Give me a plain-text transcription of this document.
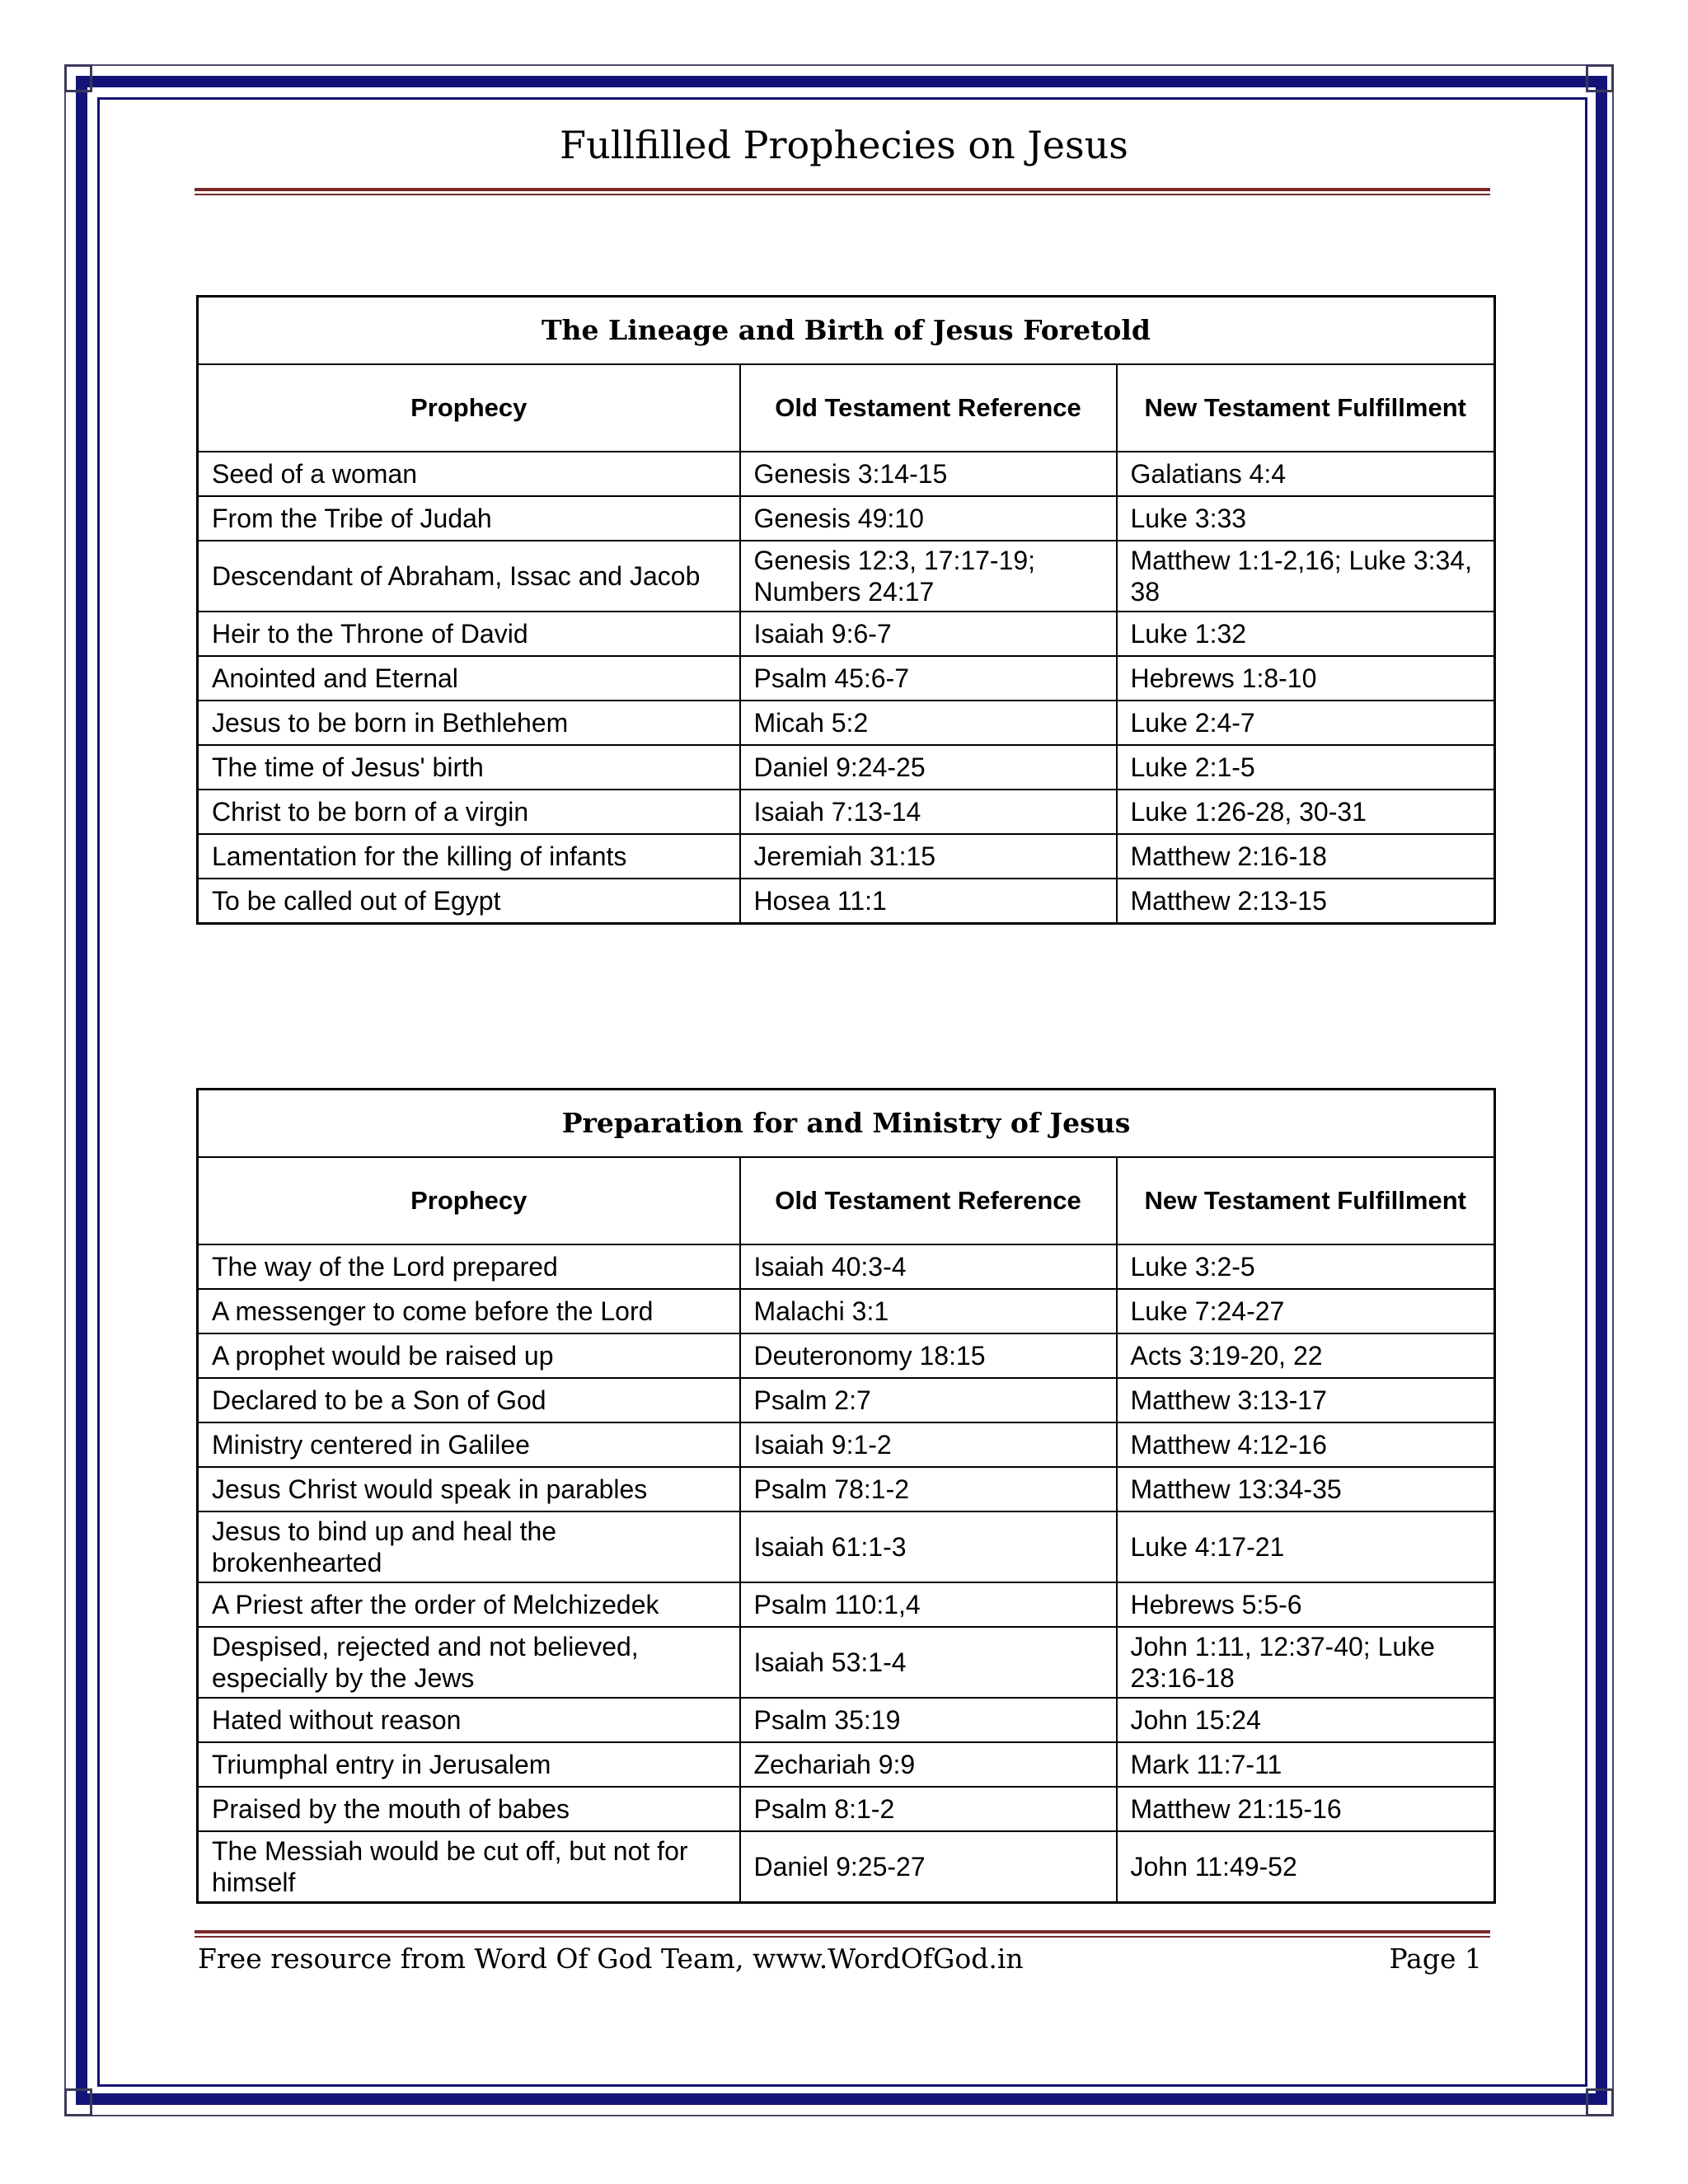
Fullfilled Prophecies on Jesus
The Lineage and Birth of Jesus Foretold		
Prophecy	Old Testament Reference	New Testament Fulfillment
Seed of a woman	Genesis 3:14-15	Galatians 4:4
From the Tribe of Judah	Genesis 49:10	Luke 3:33
Descendant of Abraham, Issac and Jacob	Genesis 12:3, 17:17-19; Numbers 24:17	Matthew 1:1-2,16; Luke 3:34, 38
Heir to the Throne of David	Isaiah 9:6-7	Luke 1:32
Anointed and Eternal	Psalm 45:6-7	Hebrews 1:8-10
Jesus to be born in Bethlehem	Micah 5:2	Luke 2:4-7
The time of Jesus' birth	Daniel 9:24-25	Luke 2:1-5
Christ to be born of a virgin	Isaiah 7:13-14	Luke 1:26-28, 30-31
Lamentation for the killing of infants	Jeremiah 31:15	Matthew 2:16-18
To be called out of Egypt	Hosea 11:1	Matthew 2:13-15
Preparation for and Ministry of Jesus		
Prophecy	Old Testament Reference	New Testament Fulfillment
The way of the Lord prepared	Isaiah 40:3-4	Luke 3:2-5
A messenger to come before the Lord	Malachi 3:1	Luke 7:24-27
A prophet would be raised up	Deuteronomy 18:15	Acts 3:19-20, 22
Declared to be a Son of God	Psalm 2:7	Matthew 3:13-17
Ministry centered in Galilee	Isaiah 9:1-2	Matthew 4:12-16
Jesus Christ would speak in parables	Psalm 78:1-2	Matthew 13:34-35
Jesus to bind up and heal the brokenhearted	Isaiah 61:1-3	Luke 4:17-21
A Priest after the order of Melchizedek	Psalm 110:1,4	Hebrews 5:5-6
Despised, rejected and not believed, especially by the Jews	Isaiah 53:1-4	John 1:11, 12:37-40; Luke 23:16-18
Hated without reason	Psalm 35:19	John 15:24
Triumphal entry in Jerusalem	Zechariah 9:9	Mark 11:7-11
Praised by the mouth of babes	Psalm 8:1-2	Matthew 21:15-16
The Messiah would be cut off, but not for himself	Daniel 9:25-27	John 11:49-52
Free resource from Word Of God Team, www.WordOfGod.in	Page 1
